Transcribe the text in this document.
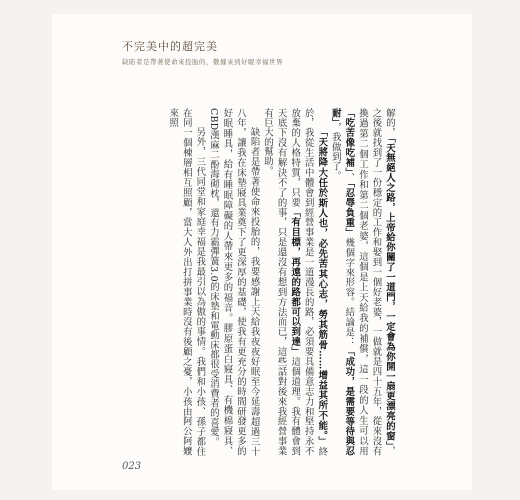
不完美中的超完美
缺陷者是帶著使命來投胎的，數據來到好眠幸福世界

解的，「天無絕人之路，上帝給你關了一道門，一定會為你開一扇更漂亮的窗」，之後就找到了一份穩定的工作和娶到一個好老婆，一做就是四十五年，從來沒有換過第二個工作和第二個老婆，這個是上天給我的補償，這一段的人生可以用「吃苦像吃補」、「忍辱負重」幾個字來形容。結論是：「成功，是需要等待與忍耐」，我做到了。

「天將降大任於斯人也，必先苦其心志，勞其筋骨……增益其所不能。」終於，我從生活中體會到經營事業是一道漫長的路，必須要具備意志力和堅持永不放棄的人格特質，只要「有目標，再遠的路都可以到達」這個道理。我有體會到天底下沒有解決不了的事，只是還沒有想到方法而已，這些話對後來我經營事業有巨大的幫助。

缺陷者是帶著使命來投胎的，我要感謝上天給我夜夜好眠至今延壽超過三十八年，讓我在床墊寢具業奠下了更深厚的基礎，使我有更充分的時間研發更多的好眠睡具，給有睡眠障礙的人帶來更多的福音。膠原蛋白寢具、有機棉寢具、CBD漢麻二酚海砌枕，還有力霸彈簧3.0的床墊和電動床都很受消費者的喜愛。

另外，三代同堂和家庭幸福是我最引以為傲的事情。我們和小孩、孫子都住在同一個棟層相互照顧，當大人外出打拼事業時沒有後顧之憂，小孩由阿公阿嬤來照

023
